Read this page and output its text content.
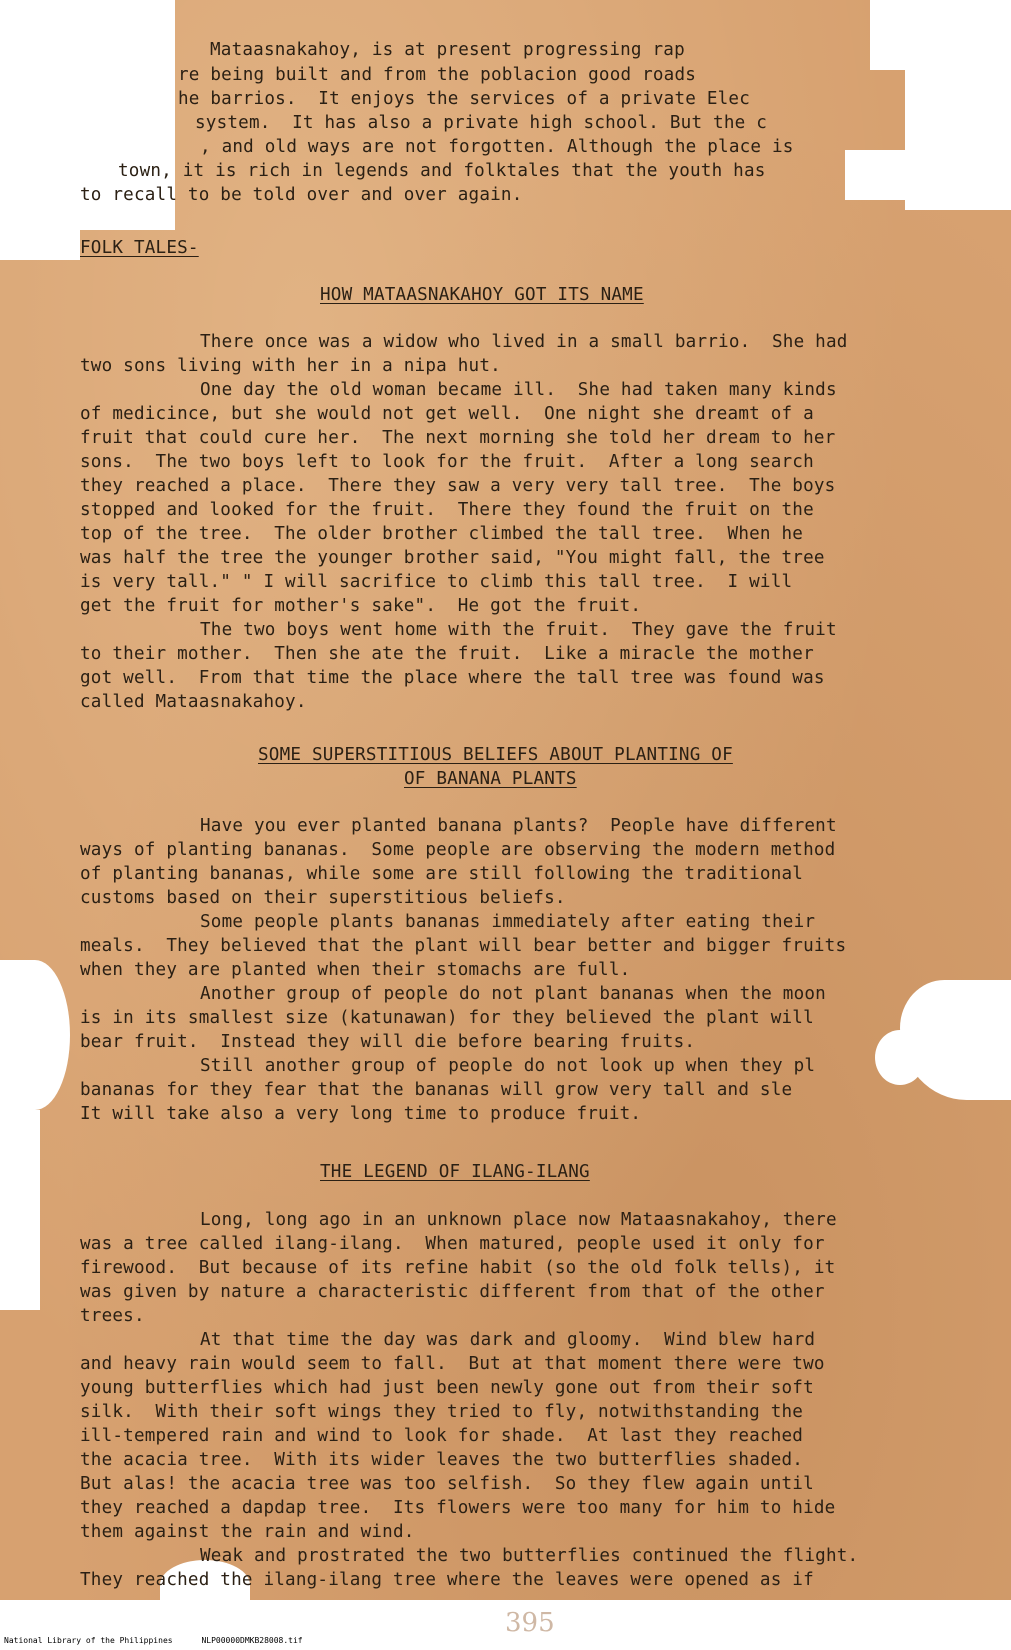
Mataasnakahoy, is at present progressing rap
re being built and from the poblacion good roads
he barrios.  It enjoys the services of a private Elec
system.  It has also a private high school. But the c
, and old ways are not forgotten. Although the place is
town, it is rich in legends and folktales that the youth has
to recall to be told over and over again.
FOLK TALES-
HOW MATAASNAKAHOY GOT ITS NAME
There once was a widow who lived in a small barrio.  She had
two sons living with her in a nipa hut.
One day the old woman became ill.  She had taken many kinds
of medicince, but she would not get well.  One night she dreamt of a
fruit that could cure her.  The next morning she told her dream to her
sons.  The two boys left to look for the fruit.  After a long search
they reached a place.  There they saw a very very tall tree.  The boys
stopped and looked for the fruit.  There they found the fruit on the
top of the tree.  The older brother climbed the tall tree.  When he
was half the tree the younger brother said, "You might fall, the tree
is very tall." " I will sacrifice to climb this tall tree.  I will
get the fruit for mother's sake".  He got the fruit.
The two boys went home with the fruit.  They gave the fruit
to their mother.  Then she ate the fruit.  Like a miracle the mother
got well.  From that time the place where the tall tree was found was
called Mataasnakahoy.
SOME SUPERSTITIOUS BELIEFS ABOUT PLANTING OF
OF BANANA PLANTS
Have you ever planted banana plants?  People have different
ways of planting bananas.  Some people are observing the modern method
of planting bananas, while some are still following the traditional
customs based on their superstitious beliefs.
Some people plants bananas immediately after eating their
meals.  They believed that the plant will bear better and bigger fruits
when they are planted when their stomachs are full.
Another group of people do not plant bananas when the moon
is in its smallest size (katunawan) for they believed the plant will
bear fruit.  Instead they will die before bearing fruits.
Still another group of people do not look up when they pl
bananas for they fear that the bananas will grow very tall and sle
It will take also a very long time to produce fruit.
THE LEGEND OF ILANG-ILANG
Long, long ago in an unknown place now Mataasnakahoy, there
was a tree called ilang-ilang.  When matured, people used it only for
firewood.  But because of its refine habit (so the old folk tells), it
was given by nature a characteristic different from that of the other
trees.
At that time the day was dark and gloomy.  Wind blew hard
and heavy rain would seem to fall.  But at that moment there were two
young butterflies which had just been newly gone out from their soft
silk.  With their soft wings they tried to fly, notwithstanding the
ill-tempered rain and wind to look for shade.  At last they reached
the acacia tree.  With its wider leaves the two butterflies shaded.
But alas! the acacia tree was too selfish.  So they flew again until
they reached a dapdap tree.  Its flowers were too many for him to hide
them against the rain and wind.
Weak and prostrated the two butterflies continued the flight.
They reached the ilang-ilang tree where the leaves were opened as if
395
National Library of the Philippines      NLP00000DMKB28008.tif
